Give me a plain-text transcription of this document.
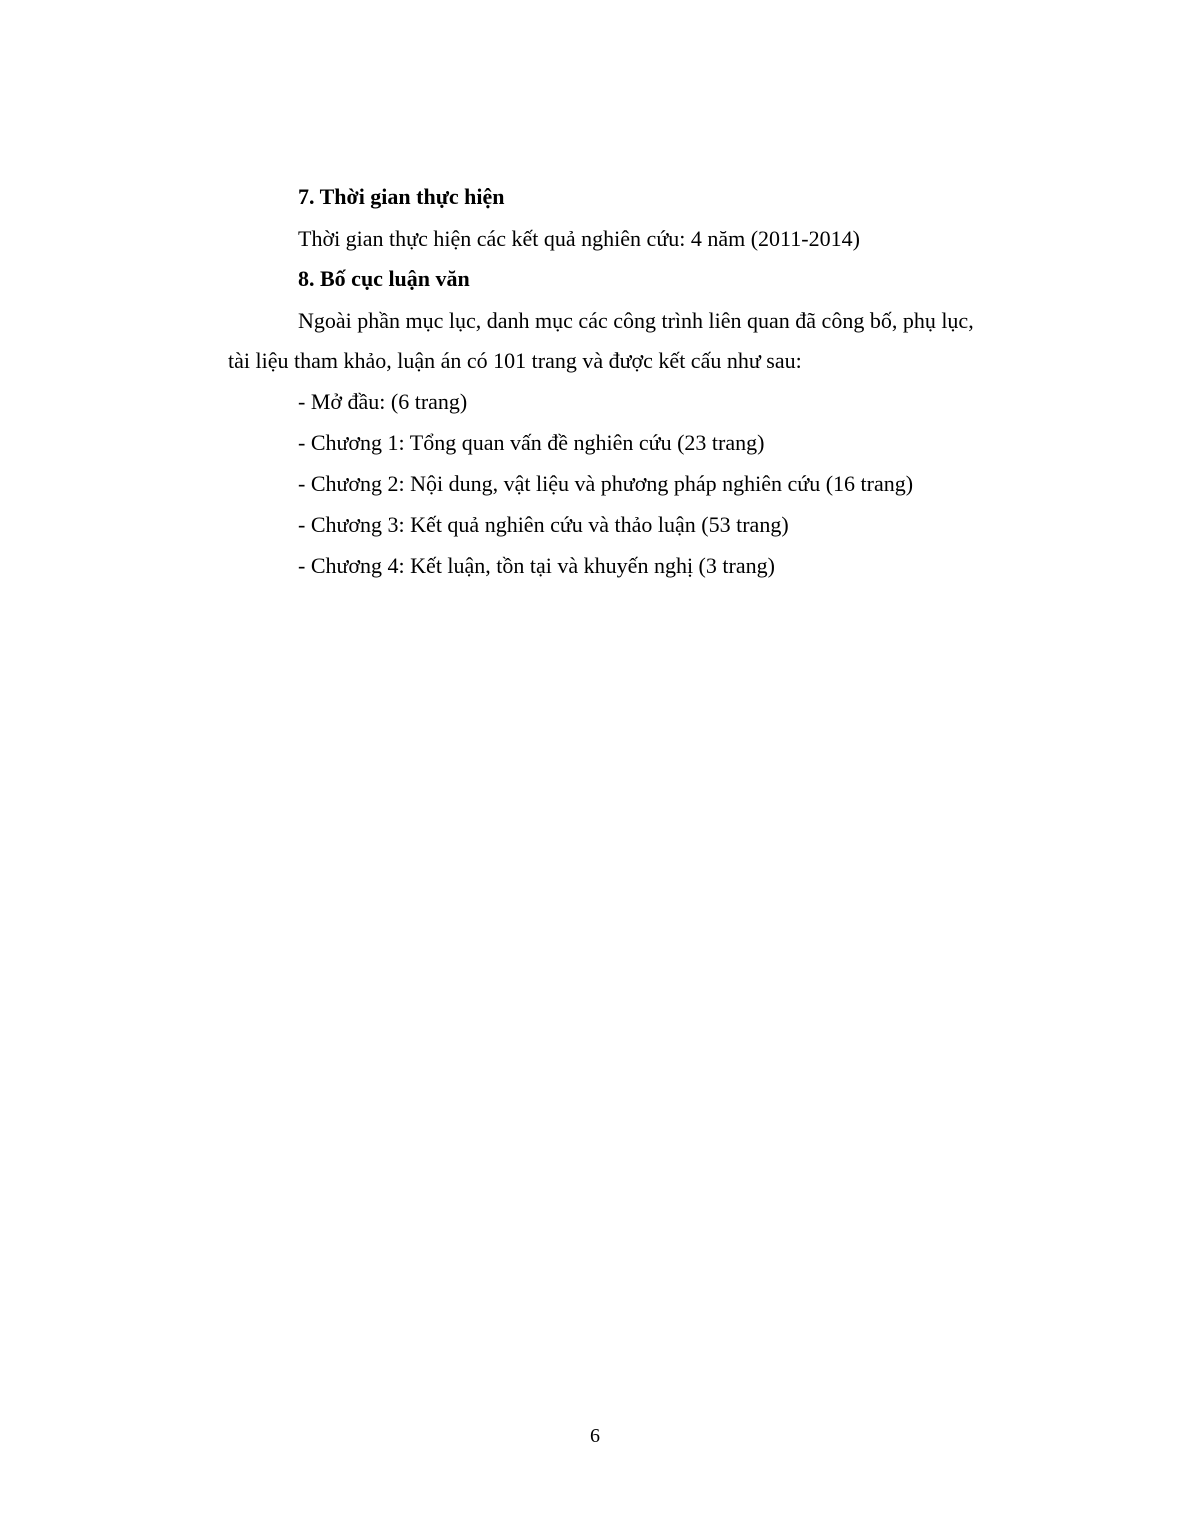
7. Thời gian thực hiện
Thời gian thực hiện các kết quả nghiên cứu: 4 năm (2011-2014)
8. Bố cục luận văn
Ngoài phần mục lục, danh mục các công trình liên quan đã công bố, phụ lục,
tài liệu tham khảo, luận án có 101 trang và được kết cấu như sau:
- Mở đầu: (6 trang)
- Chương 1: Tổng quan vấn đề nghiên cứu (23 trang)
- Chương 2: Nội dung, vật liệu và phương pháp nghiên cứu (16 trang)
- Chương 3: Kết quả nghiên cứu và thảo luận (53 trang)
- Chương 4: Kết luận, tồn tại và khuyến nghị (3 trang)
6
